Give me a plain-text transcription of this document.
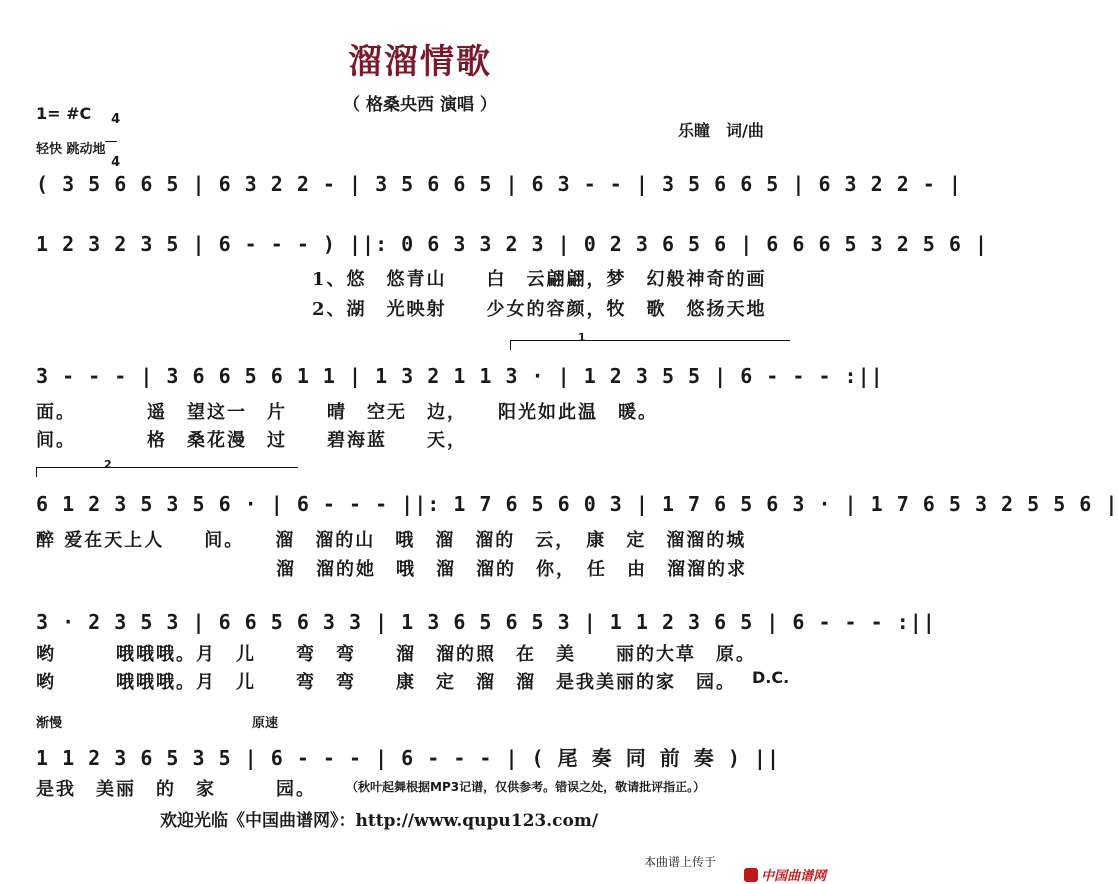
溜溜情歌
（ 格桑央西 演唱 ）
1= #C	4

4

轻快 跳动地
乐瞳　词/曲
( 3 5 6 6 5 | 6 3 2 2 - | 3 5 6 6 5 | 6 3 - - | 3 5 6 6 5 | 6 3 2 2 - |
1 2 3 2 3 5 | 6 - - - ) ||: 0 6 3 3 2 3 | 0 2 3 6 5 6 | 6 6 6 5 3 2 5 6 |
1、悠　悠青山　　白　云翩翩，梦　幻般神奇的画
2、湖　光映射　　少女的容颜，牧　歌　悠扬天地
1
3 - - - | 3 6 6 5 6 1 1 | 1 3 2 1 1 3 · | 1 2 3 5 5 | 6 - - - :||
面。　　　　遥　望这一　片　　晴　空无　边，　　阳光如此温　暖。
间。　　　　格　桑花漫　过　　碧海蓝　　天，
2
6 1 2 3 5 3 5 6 · | 6 - - - ||: 1 7 6 5 6 0 3 | 1 7 6 5 6 3 · | 1 7 6 5 3 2 5 5 6 |
醉 爱在天上人　　间。　　溜　溜的山　哦　溜　溜的　云，　康　定　溜溜的城
　　　　　　　　　　　　溜　溜的她　哦　溜　溜的　你，　任　由　溜溜的求
3 · 2 3 5 3 | 6 6 5 6 3 3 | 1 3 6 5 6 5 3 | 1 1 2 3 6 5 | 6 - - - :||
哟　　　哦哦哦。月　儿　　弯　弯　　溜　溜的照　在　美　　丽的大草　原。
哟　　　哦哦哦。月　儿　　弯　弯　　康　定　溜　溜　是我美丽的家　园。 D.C.
渐慢	原速
1 1 2 3 6 5 3 5 | 6 - - - | 6 - - - | ( 尾 奏 同 前 奏 ) ||
是我　美丽　的　家　　　园。	（秋叶起舞根据MP3记谱，仅供参考。错误之处，敬请批评指正。）
欢迎光临《中国曲谱网》：http://www.qupu123.com/
本曲谱上传于

中国曲谱网
